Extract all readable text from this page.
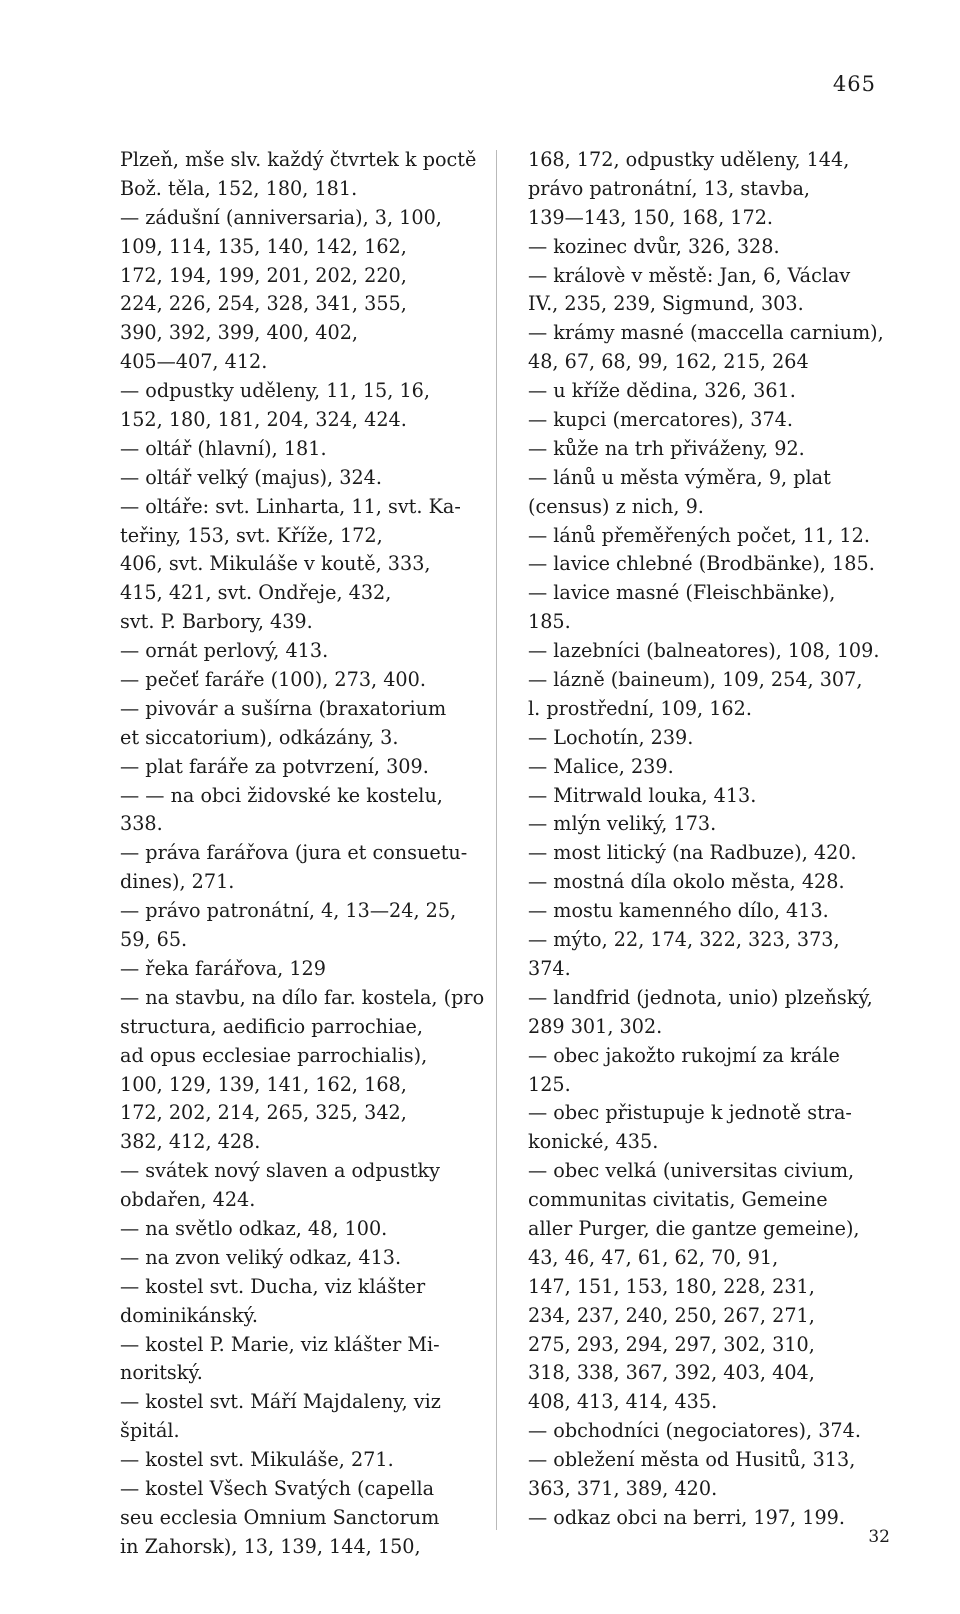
465
Plzeň, mše slv. každý čtvrtek k poctě
Bož. těla, 152, 180, 181.
— zádušní (anniversaria), 3, 100,
109, 114, 135, 140, 142, 162,
172, 194, 199, 201, 202, 220,
224, 226, 254, 328, 341, 355,
390, 392, 399, 400, 402,
405—407, 412.
— odpustky uděleny, 11, 15, 16,
152, 180, 181, 204, 324, 424.
— oltář (hlavní), 181.
— oltář velký (majus), 324.
— oltáře: svt. Linharta, 11, svt. Ka-
teřiny, 153, svt. Kříže, 172,
406, svt. Mikuláše v koutě, 333,
415, 421, svt. Ondřeje, 432,
svt. P. Barbory, 439.
— ornát perlový, 413.
— pečeť faráře (100), 273, 400.
— pivovár a sušírna (braxatorium
et siccatorium), odkázány, 3.
— plat faráře za potvrzení, 309.
— — na obci židovské ke kostelu,
338.
— práva farářova (jura et consuetu-
dines), 271.
— právo patronátní, 4, 13—24, 25,
59, 65.
— řeka farářova, 129
— na stavbu, na dílo far. kostela, (pro
structura, aedificio parrochiae,
ad opus ecclesiae parrochialis),
100, 129, 139, 141, 162, 168,
172, 202, 214, 265, 325, 342,
382, 412, 428.
— svátek nový slaven a odpustky
obdařen, 424.
— na světlo odkaz, 48, 100.
— na zvon veliký odkaz, 413.
— kostel svt. Ducha, viz klášter
dominikánský.
— kostel P. Marie, viz klášter Mi-
noritský.
— kostel svt. Máří Majdaleny, viz
špitál.
— kostel svt. Mikuláše, 271.
— kostel Všech Svatých (capella
seu ecclesia Omnium Sanctorum
in Zahorsk), 13, 139, 144, 150,
168, 172, odpustky uděleny, 144,
právo patronátní, 13, stavba,
139—143, 150, 168, 172.
— kozinec dvůr, 326, 328.
— královè v městě: Jan, 6, Václav
IV., 235, 239, Sigmund, 303.
— krámy masné (maccella carnium),
48, 67, 68, 99, 162, 215, 264
— u kříže dědina, 326, 361.
— kupci (mercatores), 374.
— kůže na trh přiváženy, 92.
— lánů u města výměra, 9, plat
(census) z nich, 9.
— lánů přeměřených počet, 11, 12.
— lavice chlebné (Brodbänke), 185.
— lavice masné (Fleischbänke),
185.
— lazebníci (balneatores), 108, 109.
— lázně (baineum), 109, 254, 307,
l. prostřední, 109, 162.
— Lochotín, 239.
— Malice, 239.
— Mitrwald louka, 413.
— mlýn veliký, 173.
— most litický (na Radbuze), 420.
— mostná díla okolo města, 428.
— mostu kamenného dílo, 413.
— mýto, 22, 174, 322, 323, 373,
374.
— landfrid (jednota, unio) plzeňský,
289 301, 302.
— obec jakožto rukojmí za krále
125.
— obec přistupuje k jednotě stra-
konické, 435.
— obec velká (universitas civium,
communitas civitatis, Gemeine
aller Purger, die gantze gemeine),
43, 46, 47, 61, 62, 70, 91,
147, 151, 153, 180, 228, 231,
234, 237, 240, 250, 267, 271,
275, 293, 294, 297, 302, 310,
318, 338, 367, 392, 403, 404,
408, 413, 414, 435.
— obchodníci (negociatores), 374.
— obležení města od Husitů, 313,
363, 371, 389, 420.
— odkaz obci na berri, 197, 199.
32
